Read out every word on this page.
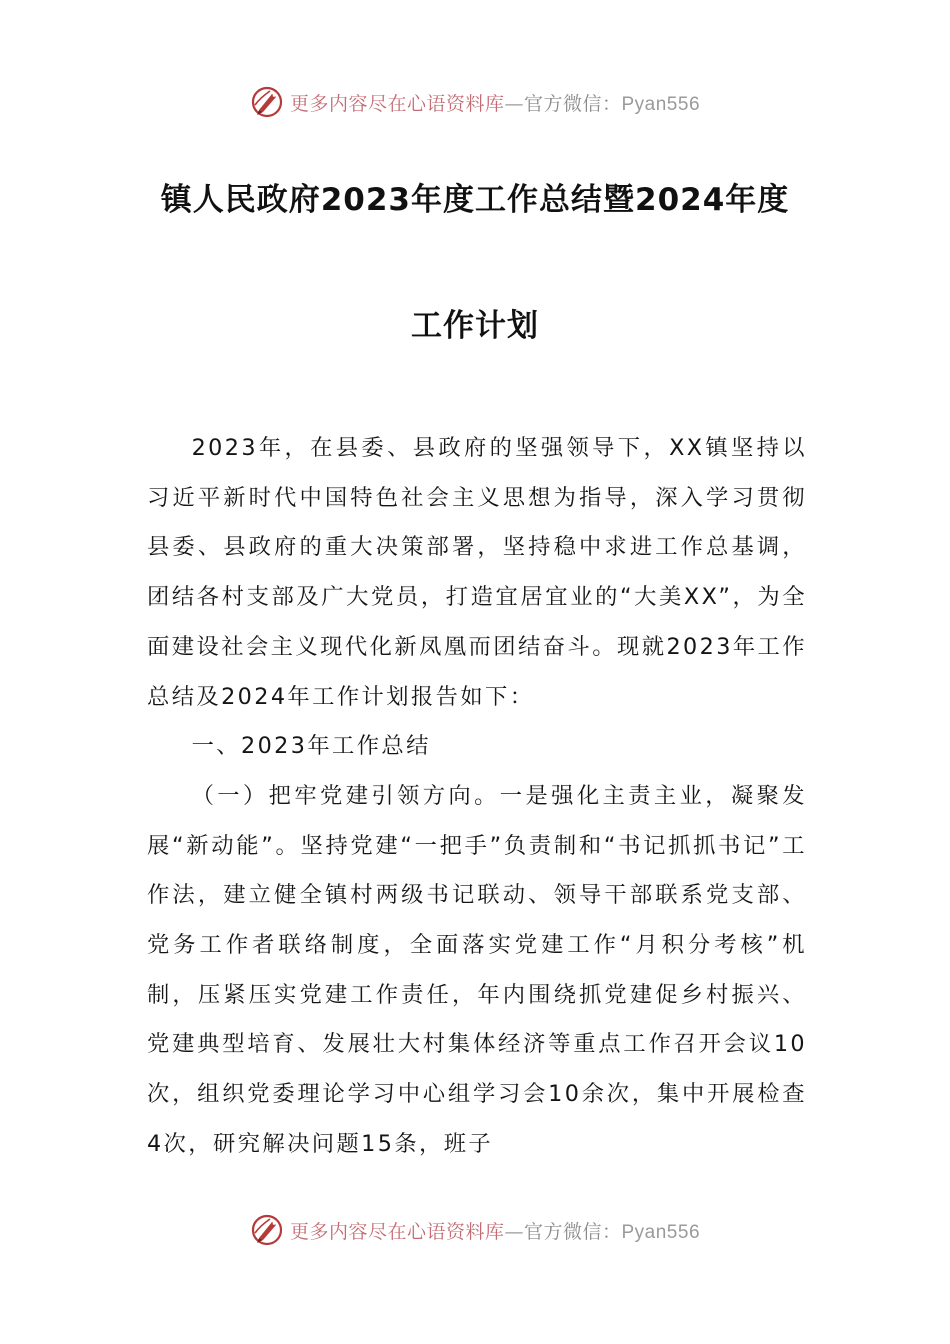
更多内容尽在心语资料库—官方微信：Pyan556
镇人民政府2023年度工作总结暨2024年度
工作计划

2023年，在县委、县政府的坚强领导下，XX镇坚持以习近平新时代中国特色社会主义思想为指导，深入学习贯彻县委、县政府的重大决策部署，坚持稳中求进工作总基调，团结各村支部及广大党员，打造宜居宜业的“大美XX”，为全面建设社会主义现代化新凤凰而团结奋斗。现就2023年工作总结及2024年工作计划报告如下：

一、2023年工作总结

（一）把牢党建引领方向。一是强化主责主业，凝聚发展“新动能”。坚持党建“一把手”负责制和“书记抓抓书记”工作法，建立健全镇村两级书记联动、领导干部联系党支部、党务工作者联络制度，全面落实党建工作“月积分考核”机制，压紧压实党建工作责任，年内围绕抓党建促乡村振兴、党建典型培育、发展壮大村集体经济等重点工作召开会议10次，组织党委理论学习中心组学习会10余次，集中开展检查4次，研究解决问题15条，班子

更多内容尽在心语资料库—官方微信：Pyan556
